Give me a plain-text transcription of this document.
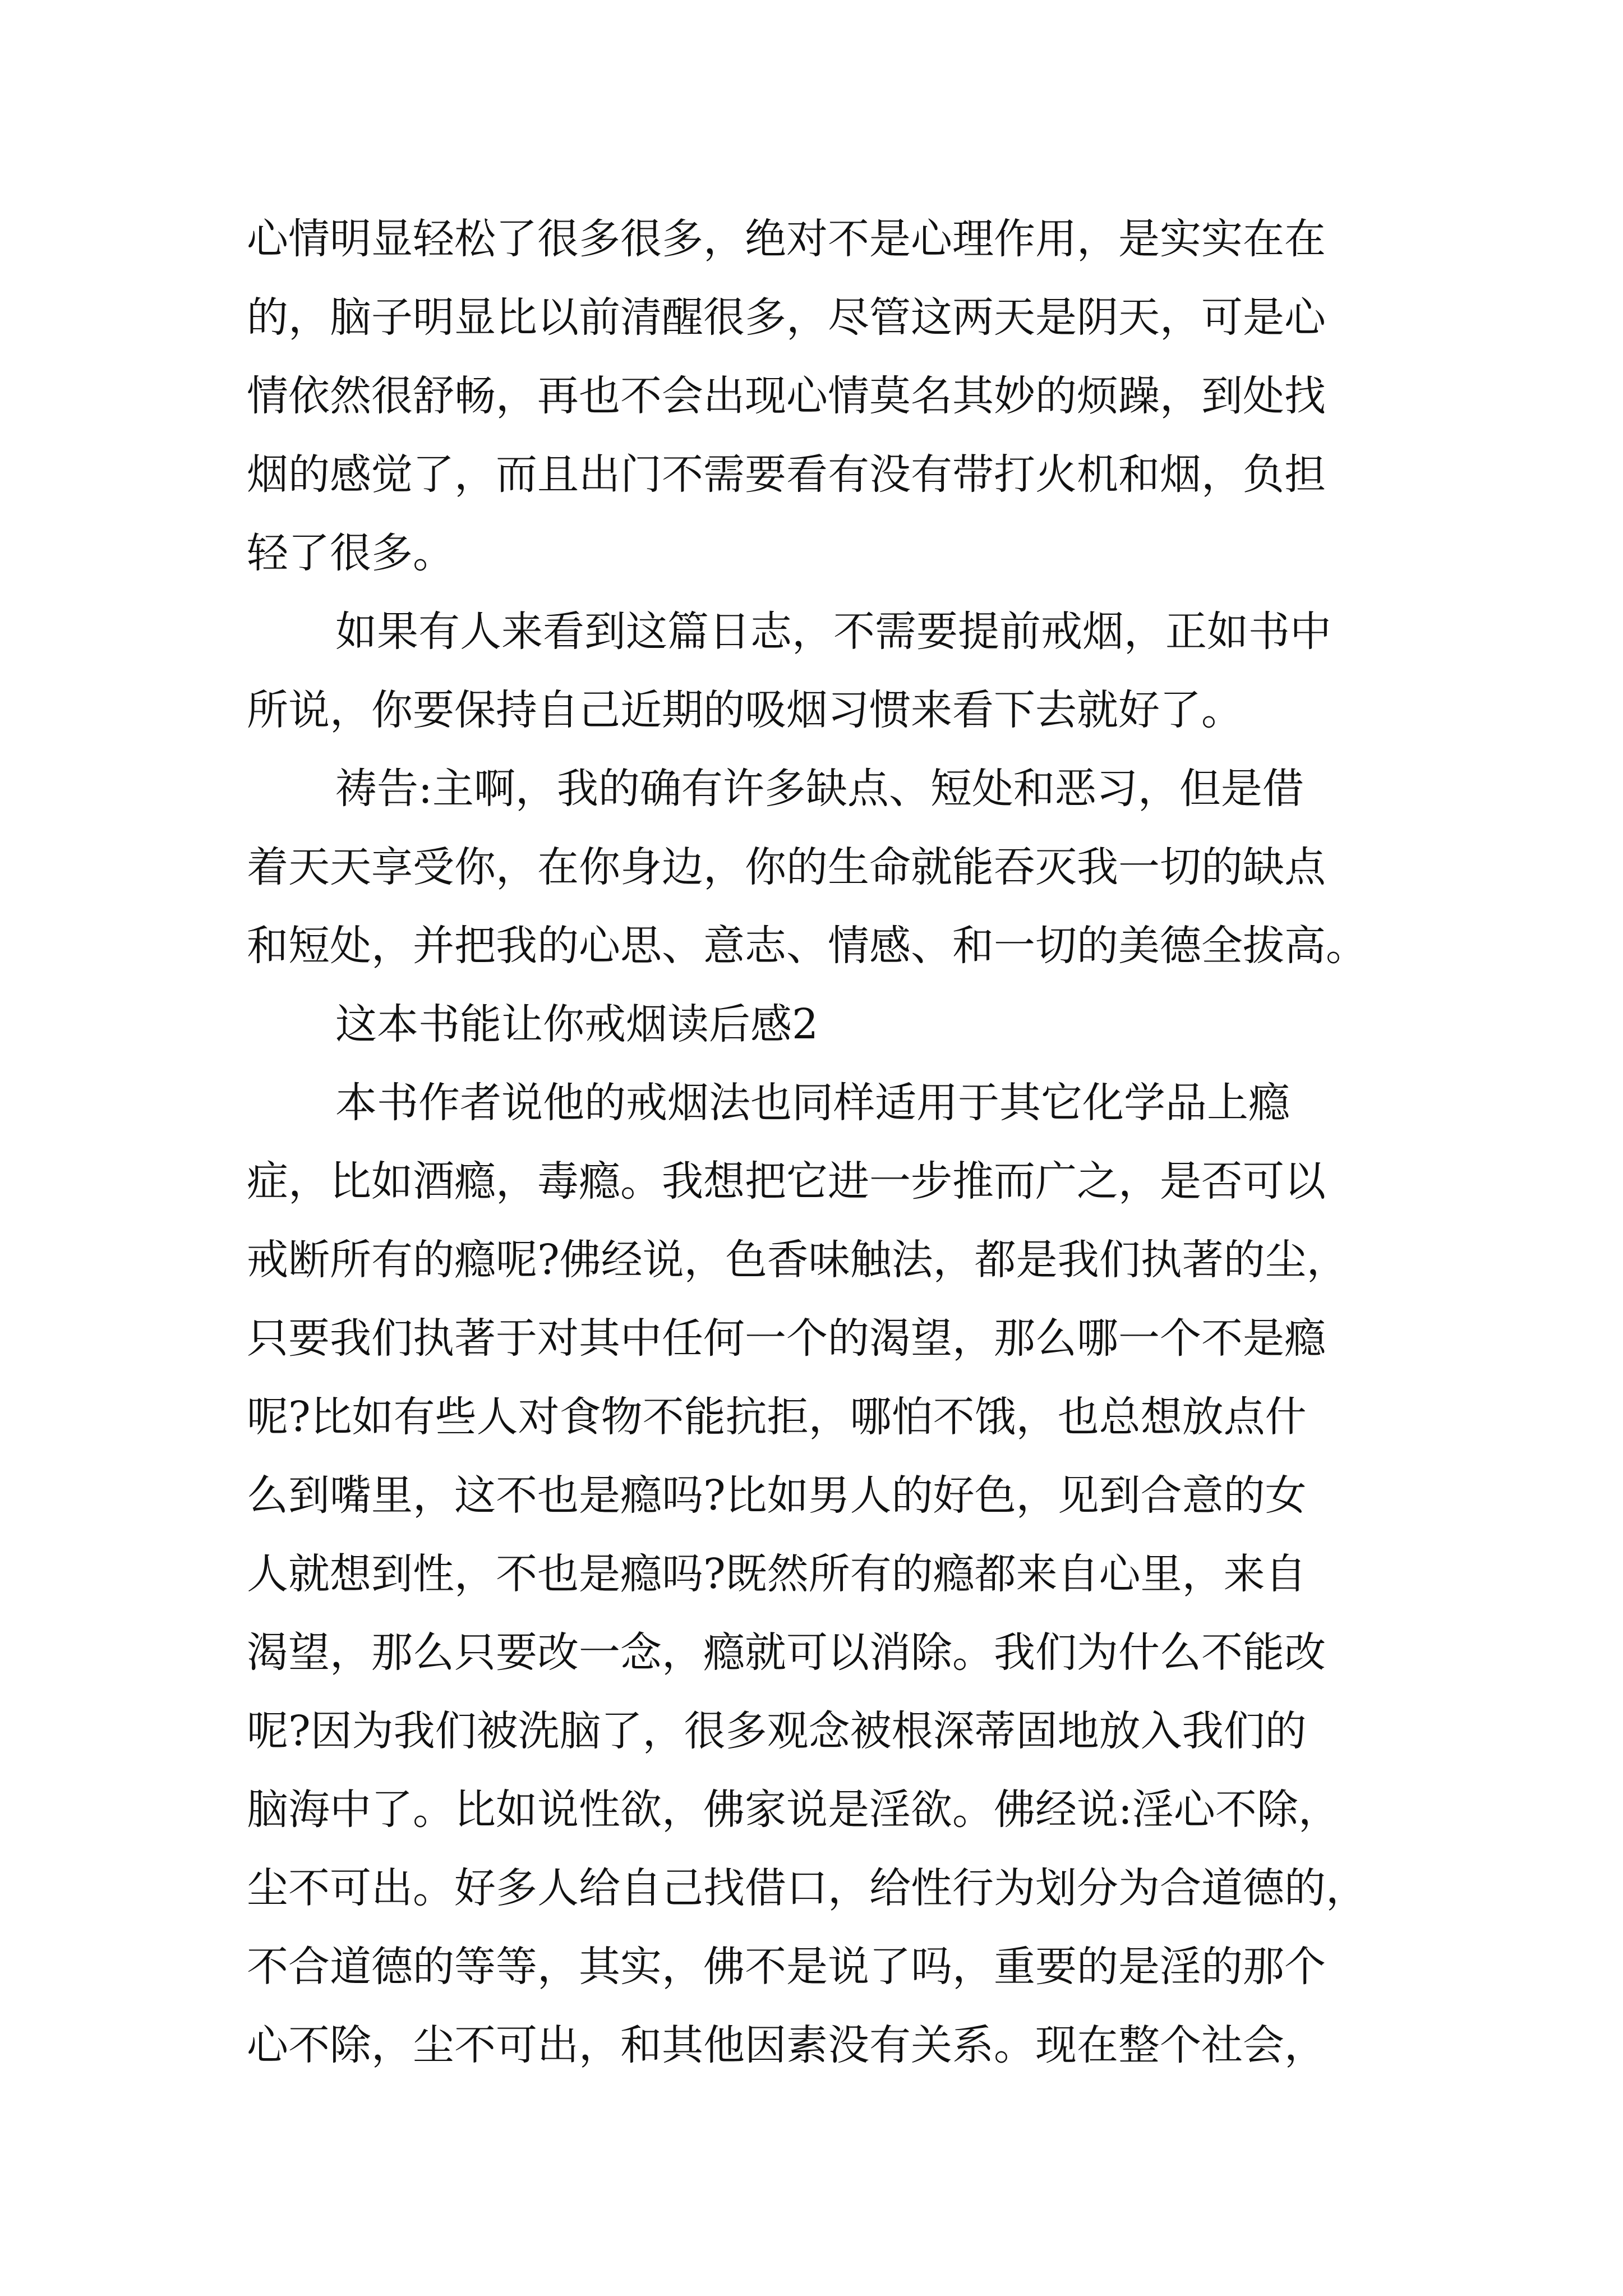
心情明显轻松了很多很多，绝对不是心理作用，是实实在在
的，脑子明显比以前清醒很多，尽管这两天是阴天，可是心
情依然很舒畅，再也不会出现心情莫名其妙的烦躁，到处找
烟的感觉了，而且出门不需要看有没有带打火机和烟，负担
轻了很多。
如果有人来看到这篇日志，不需要提前戒烟，正如书中
所说，你要保持自己近期的吸烟习惯来看下去就好了。
祷告:主啊，我的确有许多缺点、短处和恶习，但是借
着天天享受你，在你身边，你的生命就能吞灭我一切的缺点
和短处，并把我的心思、意志、情感、和一切的美德全拔高。
这本书能让你戒烟读后感2
本书作者说他的戒烟法也同样适用于其它化学品上瘾
症，比如酒瘾，毒瘾。我想把它进一步推而广之，是否可以
戒断所有的瘾呢?佛经说，色香味触法，都是我们执著的尘，
只要我们执著于对其中任何一个的渴望，那么哪一个不是瘾
呢?比如有些人对食物不能抗拒，哪怕不饿，也总想放点什
么到嘴里，这不也是瘾吗?比如男人的好色，见到合意的女
人就想到性，不也是瘾吗?既然所有的瘾都来自心里，来自
渴望，那么只要改一念，瘾就可以消除。我们为什么不能改
呢?因为我们被洗脑了，很多观念被根深蒂固地放入我们的
脑海中了。比如说性欲，佛家说是淫欲。佛经说:淫心不除，
尘不可出。好多人给自己找借口，给性行为划分为合道德的，
不合道德的等等，其实，佛不是说了吗，重要的是淫的那个
心不除，尘不可出，和其他因素没有关系。现在整个社会，
